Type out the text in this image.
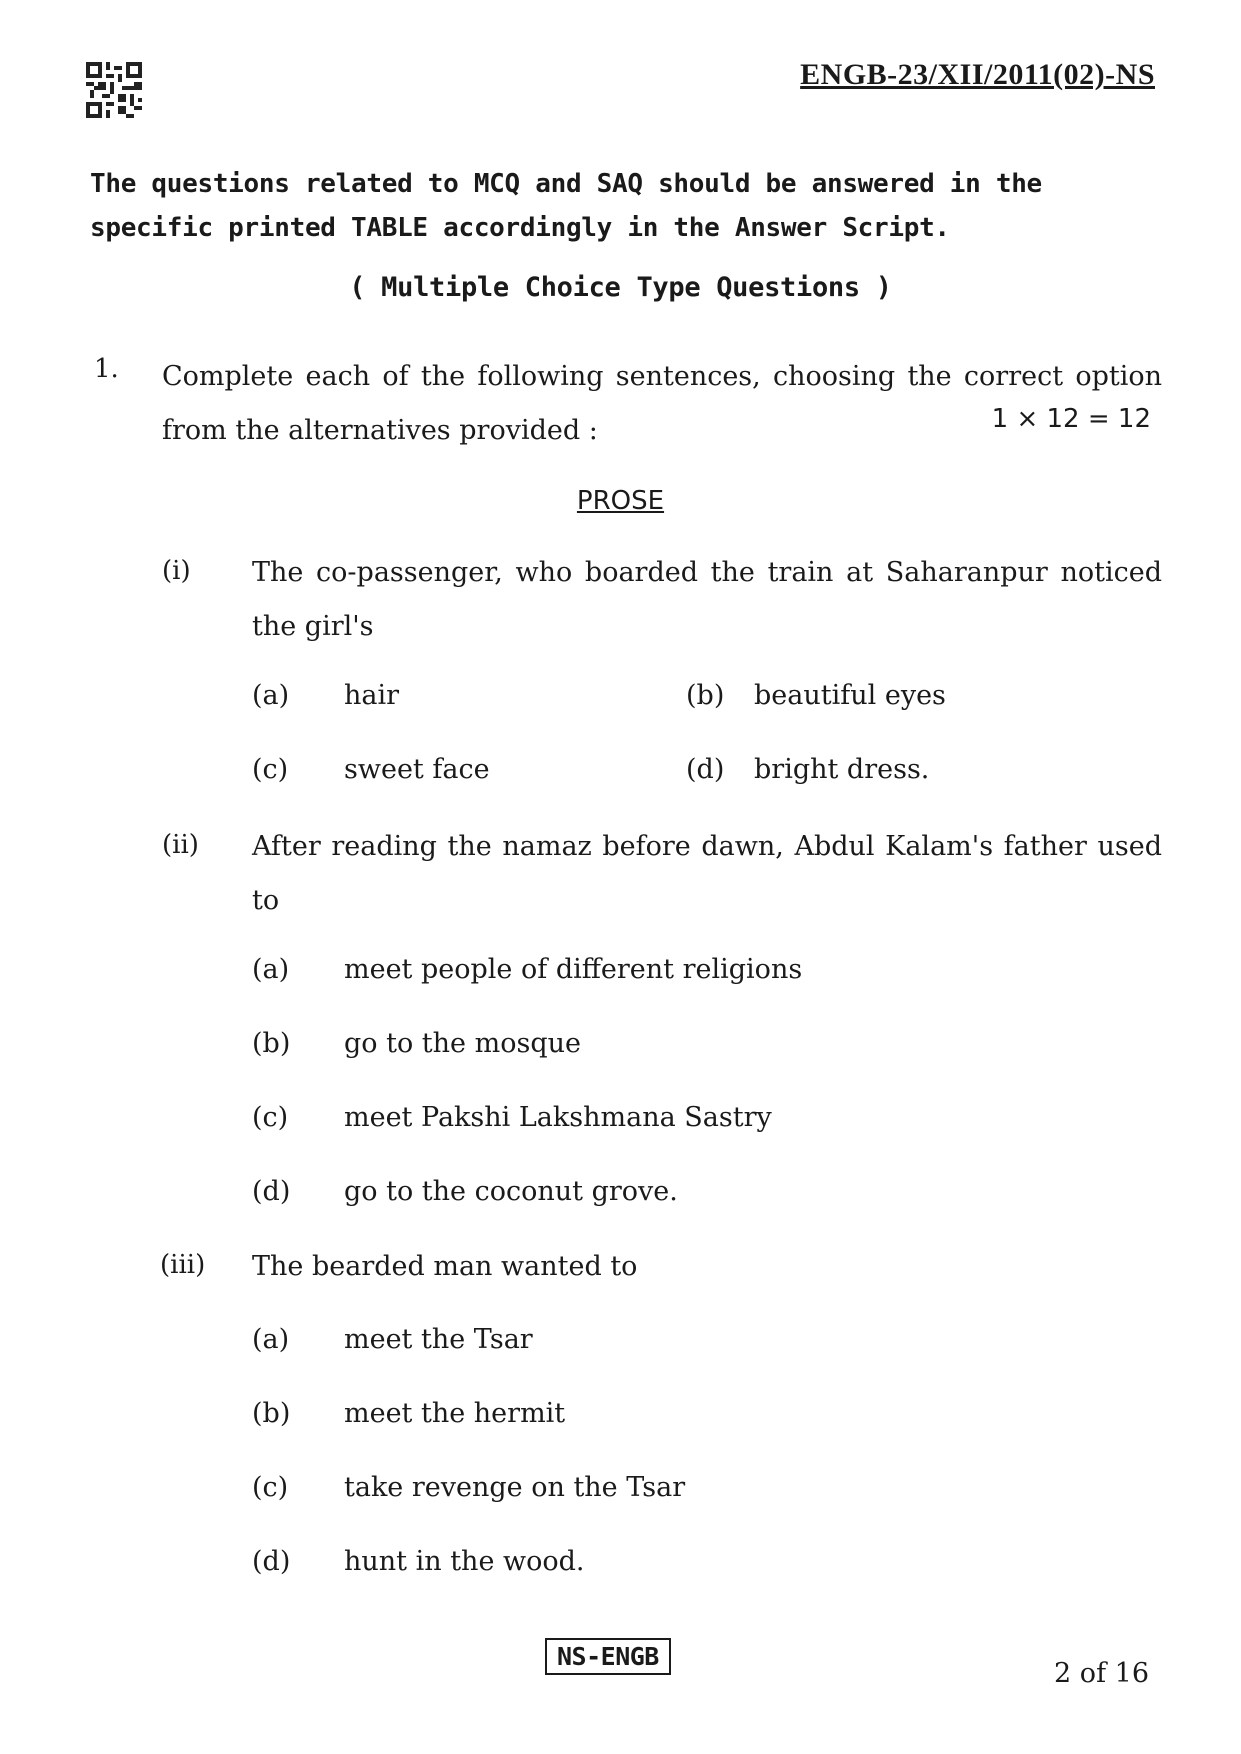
ENGB-23/XII/2011(02)-NS
The questions related to MCQ and SAQ should be answered in the specific printed TABLE accordingly in the Answer Script.
( Multiple Choice Type Questions )
1. Complete each of the following sentences, choosing the correct option from the alternatives provided :	1 × 12 = 12
PROSE
(i) The co-passenger, who boarded the train at Saharanpur noticed the girl's
(a) hair	(b) beautiful eyes
(c) sweet face	(d) bright dress.
(ii) After reading the namaz before dawn, Abdul Kalam's father used to
(a) meet people of different religions
(b) go to the mosque
(c) meet Pakshi Lakshmana Sastry
(d) go to the coconut grove.
(iii) The bearded man wanted to
(a) meet the Tsar
(b) meet the hermit
(c) take revenge on the Tsar
(d) hunt in the wood.
NS-ENGB
2 of 16
